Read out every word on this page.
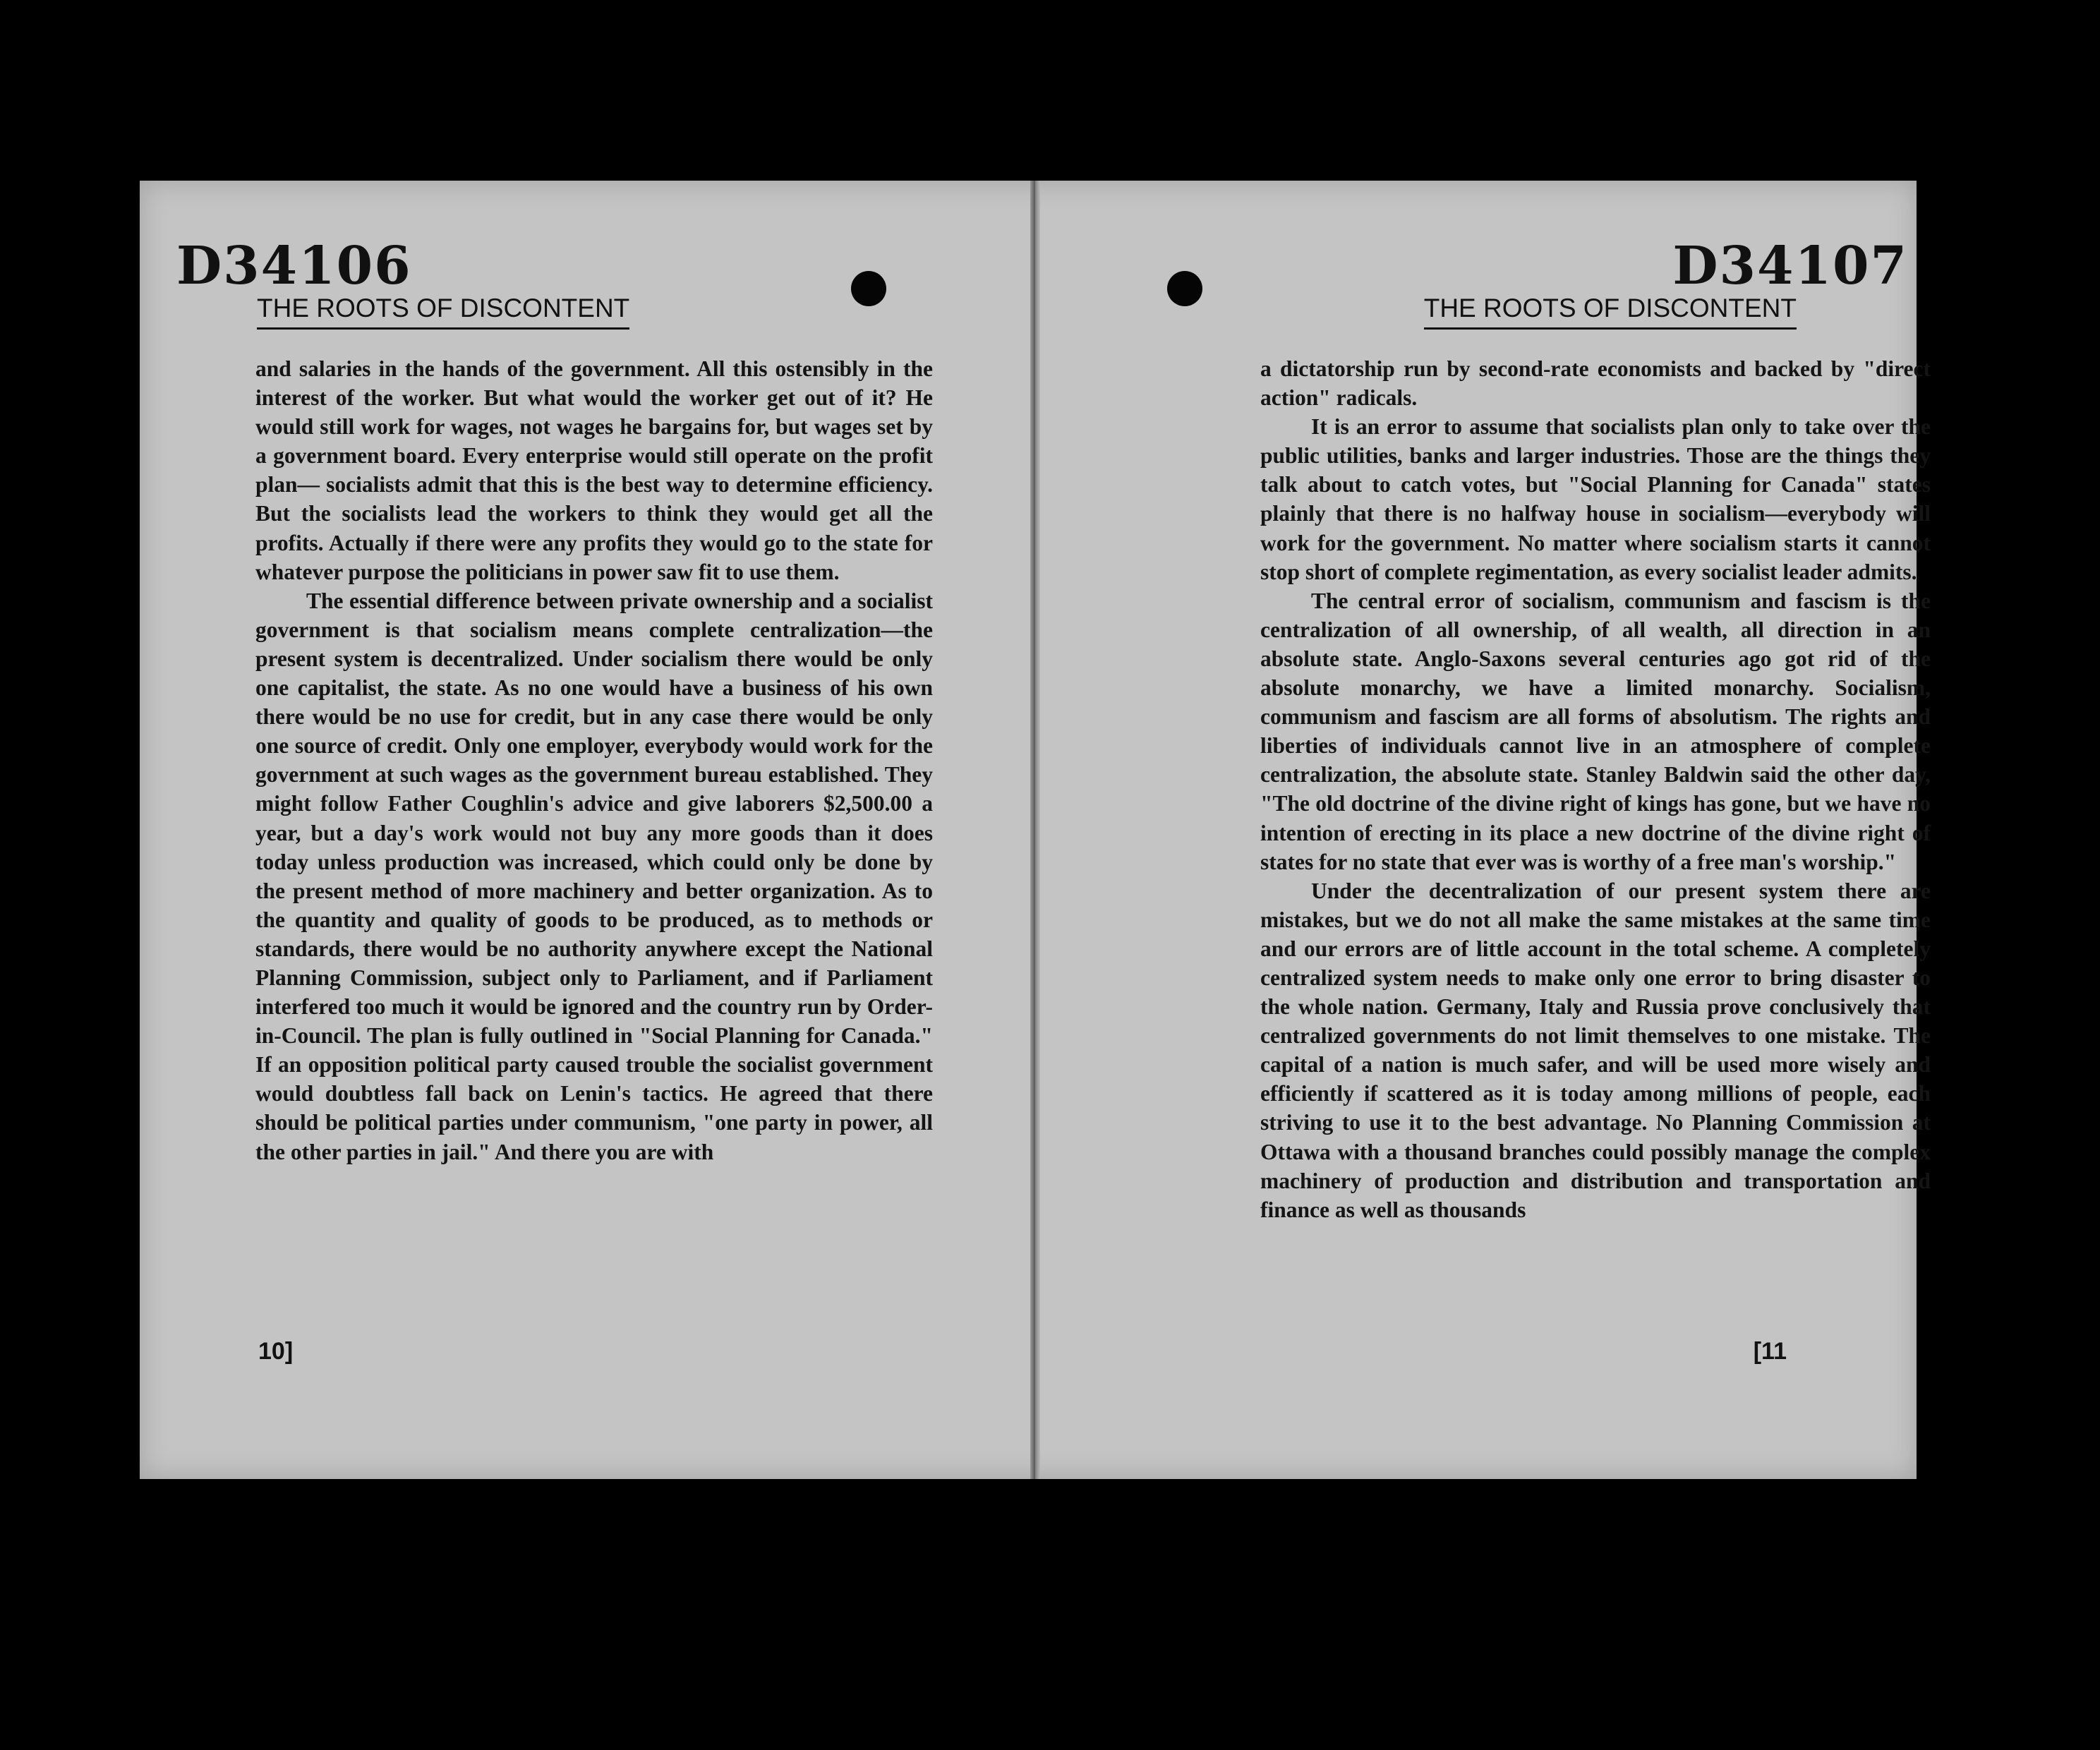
D34106
THE ROOTS OF DISCONTENT

and salaries in the hands of the government. All this ostensibly in the interest of the worker. But what would the worker get out of it? He would still work for wages, not wages he bargains for, but wages set by a government board. Every enterprise would still operate on the profit plan— socialists admit that this is the best way to determine efficiency. But the socialists lead the workers to think they would get all the profits. Actually if there were any profits they would go to the state for whatever purpose the politicians in power saw fit to use them.

The essential difference between private ownership and a socialist government is that socialism means complete centralization—the present system is decentralized. Under socialism there would be only one capitalist, the state. As no one would have a business of his own there would be no use for credit, but in any case there would be only one source of credit. Only one employer, everybody would work for the government at such wages as the government bureau established. They might follow Father Coughlin's advice and give laborers $2,500.00 a year, but a day's work would not buy any more goods than it does today unless production was increased, which could only be done by the present method of more machinery and better organization. As to the quantity and quality of goods to be produced, as to methods or standards, there would be no authority anywhere except the National Planning Commission, subject only to Parliament, and if Parliament interfered too much it would be ignored and the country run by Order-in-Council. The plan is fully outlined in "Social Planning for Canada." If an opposition political party caused trouble the socialist government would doubtless fall back on Lenin's tactics. He agreed that there should be political parties under communism, "one party in power, all the other parties in jail." And there you are with

10]
D34107
THE ROOTS OF DISCONTENT

a dictatorship run by second-rate economists and backed by "direct action" radicals.

It is an error to assume that socialists plan only to take over the public utilities, banks and larger industries. Those are the things they talk about to catch votes, but "Social Planning for Canada" states plainly that there is no halfway house in socialism—everybody will work for the government. No matter where socialism starts it cannot stop short of complete regimentation, as every socialist leader admits.

The central error of socialism, communism and fascism is the centralization of all ownership, of all wealth, all direction in an absolute state. Anglo-Saxons several centuries ago got rid of the absolute monarchy, we have a limited monarchy. Socialism, communism and fascism are all forms of absolutism. The rights and liberties of individuals cannot live in an atmosphere of complete centralization, the absolute state. Stanley Baldwin said the other day, "The old doctrine of the divine right of kings has gone, but we have no intention of erecting in its place a new doctrine of the divine right of states for no state that ever was is worthy of a free man's worship."

Under the decentralization of our present system there are mistakes, but we do not all make the same mistakes at the same time and our errors are of little account in the total scheme. A completely centralized system needs to make only one error to bring disaster to the whole nation. Germany, Italy and Russia prove conclusively that centralized governments do not limit themselves to one mistake. The capital of a nation is much safer, and will be used more wisely and efficiently if scattered as it is today among millions of people, each striving to use it to the best advantage. No Planning Commission at Ottawa with a thousand branches could possibly manage the complex machinery of production and distribution and transportation and finance as well as thousands

[11
